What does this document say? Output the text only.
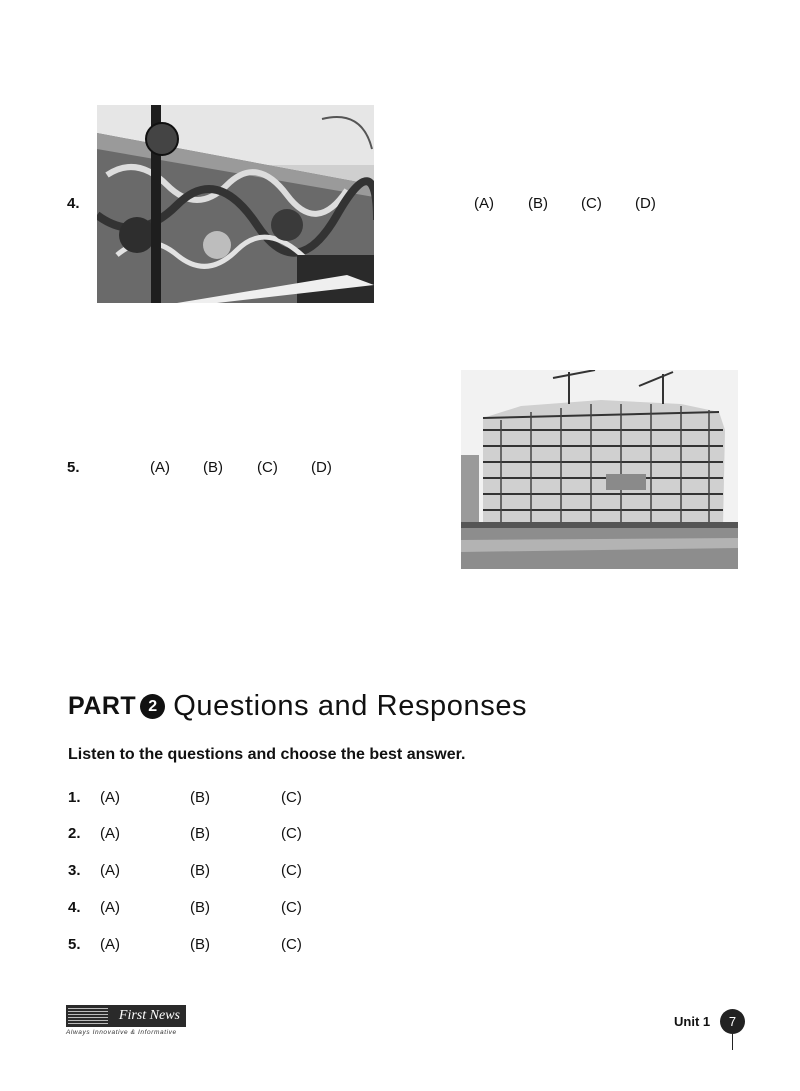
4.	(A) (B) (C) (D)
5.	(A) (B) (C) (D)
PART 2 Questions and Responses
Listen to the questions and choose the best answer.
1. (A)	(B)	(C)
2. (A)	(B)	(C)
3. (A)	(B)	(C)
4. (A)	(B)	(C)
5. (A)	(B)	(C)
First News
Always Innovative & Informative
Unit 1	7
